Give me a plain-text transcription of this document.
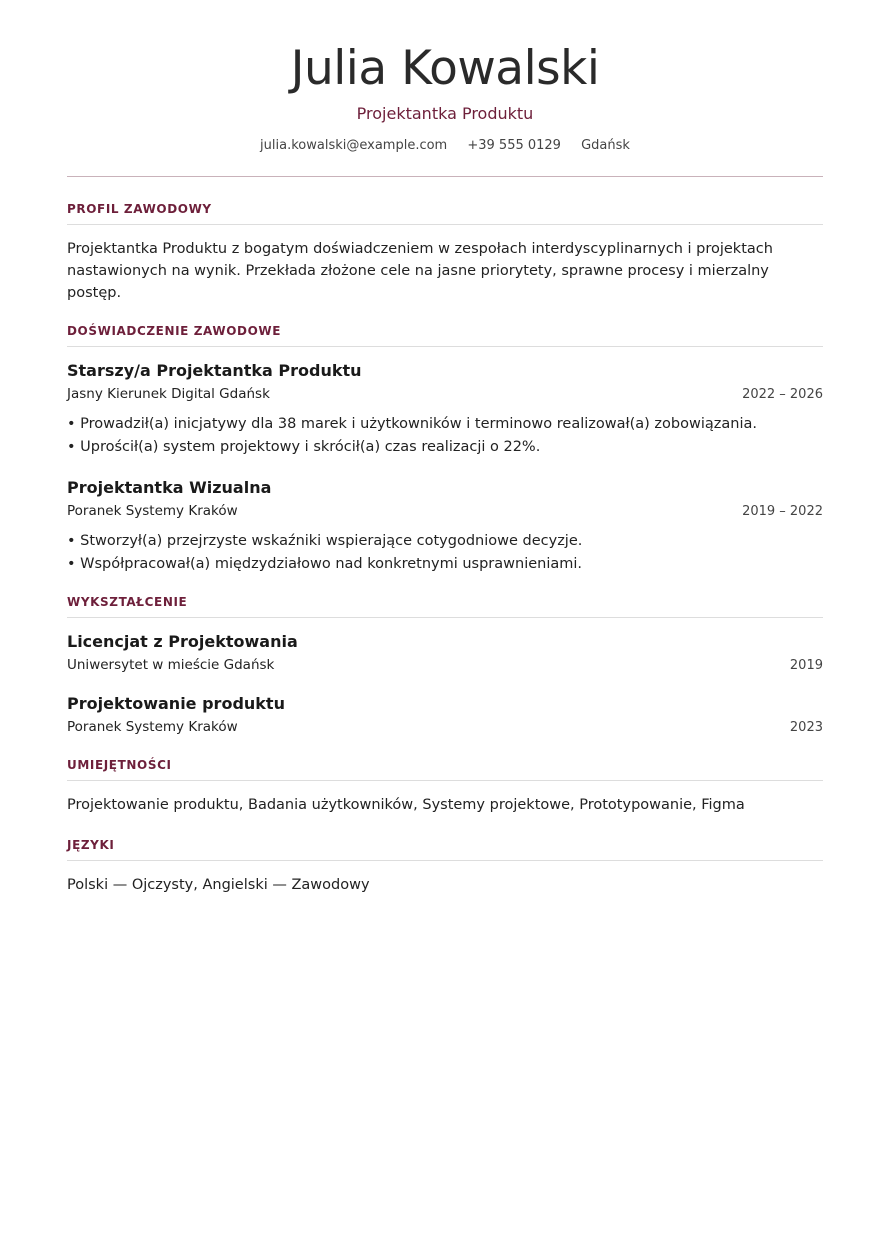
Julia Kowalski
Projektantka Produktu
julia.kowalski@example.com +39 555 0129 Gdańsk
PROFIL ZAWODOWY
Projektantka Produktu z bogatym doświadczeniem w zespołach interdyscyplinarnych i projektach nastawionych na wynik. Przekłada złożone cele na jasne priorytety, sprawne procesy i mierzalny postęp.
DOŚWIADCZENIE ZAWODOWE
Starszy/a Projektantka Produktu
Jasny Kierunek Digital Gdańsk	2022 – 2026
• Prowadził(a) inicjatywy dla 38 marek i użytkowników i terminowo realizował(a) zobowiązania.
• Uprościł(a) system projektowy i skrócił(a) czas realizacji o 22%.
Projektantka Wizualna
Poranek Systemy Kraków	2019 – 2022
• Stworzył(a) przejrzyste wskaźniki wspierające cotygodniowe decyzje.
• Współpracował(a) międzydziałowo nad konkretnymi usprawnieniami.
WYKSZTAŁCENIE
Licencjat z Projektowania
Uniwersytet w mieście Gdańsk	2019
Projektowanie produktu
Poranek Systemy Kraków	2023
UMIEJĘTNOŚCI
Projektowanie produktu, Badania użytkowników, Systemy projektowe, Prototypowanie, Figma
JĘZYKI
Polski — Ojczysty, Angielski — Zawodowy
